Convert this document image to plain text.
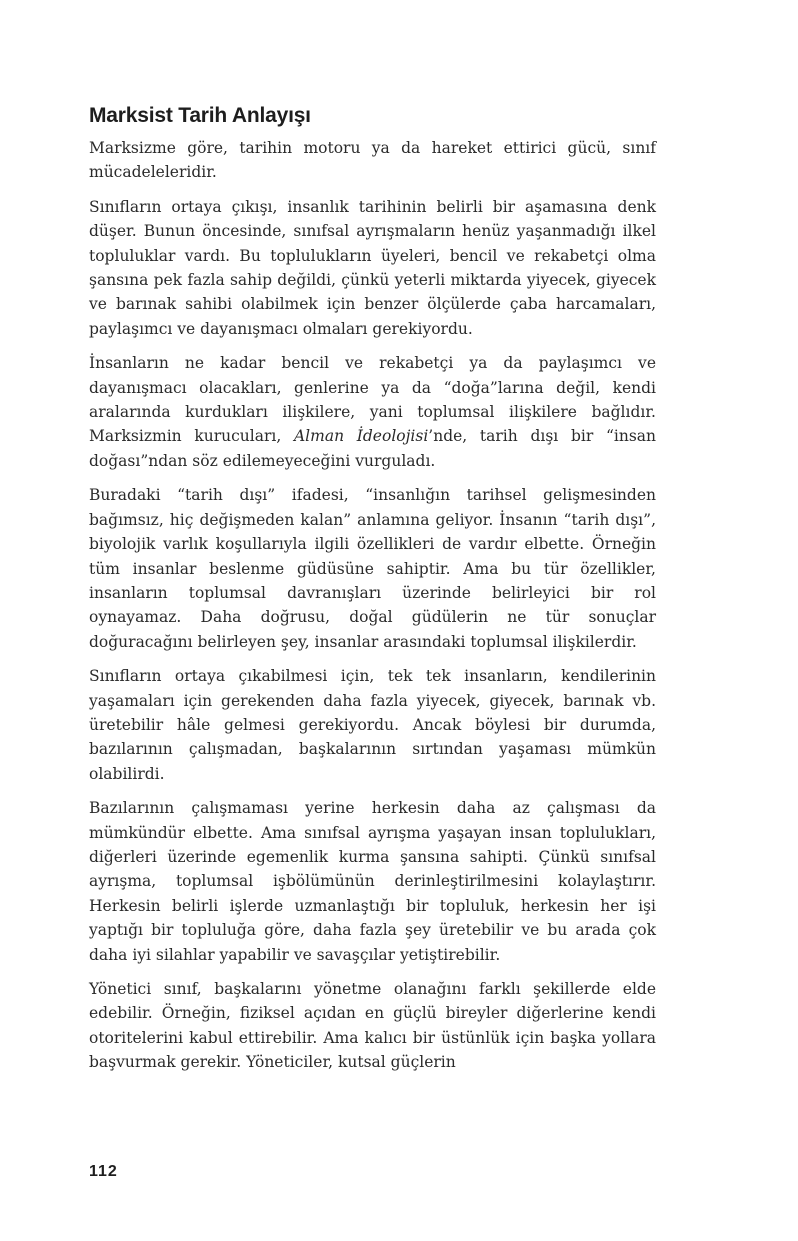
Marksist Tarih Anlayışı

Marksizme göre, tarihin motoru ya da hareket ettirici gücü, sınıf mücadeleleridir.

Sınıfların ortaya çıkışı, insanlık tarihinin belirli bir aşamasına denk düşer. Bunun öncesinde, sınıfsal ayrışmaların henüz yaşanmadığı ilkel topluluklar vardı. Bu toplulukların üyeleri, bencil ve rekabetçi olma şansına pek fazla sahip değildi, çünkü yeterli miktarda yiyecek, giyecek ve barınak sahibi olabilmek için benzer ölçülerde çaba harcamaları, paylaşımcı ve dayanışmacı olmaları gerekiyordu.

İnsanların ne kadar bencil ve rekabetçi ya da paylaşımcı ve dayanışmacı olacakları, genlerine ya da “doğa”larına değil, kendi aralarında kurdukları ilişkilere, yani toplumsal ilişkilere bağlıdır. Marksizmin kurucuları, Alman İdeolojisi’nde, tarih dışı bir “insan doğası”ndan söz edilemeyeceğini vurguladı.

Buradaki “tarih dışı” ifadesi, “insanlığın tarihsel gelişmesinden bağımsız, hiç değişmeden kalan” anlamına geliyor. İnsanın “tarih dışı”, biyolojik varlık koşullarıyla ilgili özellikleri de vardır elbette. Örneğin tüm insanlar beslenme güdüsüne sahiptir. Ama bu tür özellikler, insanların toplumsal davranışları üzerinde belirleyici bir rol oynayamaz. Daha doğrusu, doğal güdülerin ne tür sonuçlar doğuracağını belirleyen şey, insanlar arasındaki toplumsal ilişkilerdir.

Sınıfların ortaya çıkabilmesi için, tek tek insanların, kendilerinin yaşamaları için gerekenden daha fazla yiyecek, giyecek, barınak vb. üretebilir hâle gelmesi gerekiyordu. Ancak böylesi bir durumda, bazılarının çalışmadan, başkalarının sırtından yaşaması mümkün olabilirdi.

Bazılarının çalışmaması yerine herkesin daha az çalışması da mümkündür elbette. Ama sınıfsal ayrışma yaşayan insan toplulukları, diğerleri üzerinde egemenlik kurma şansına sahipti. Çünkü sınıfsal ayrışma, toplumsal işbölümünün derinleştirilmesini kolaylaştırır. Herkesin belirli işlerde uzmanlaştığı bir topluluk, herkesin her işi yaptığı bir topluluğa göre, daha fazla şey üretebilir ve bu arada çok daha iyi silahlar yapabilir ve savaşçılar yetiştirebilir.

Yönetici sınıf, başkalarını yönetme olanağını farklı şekillerde elde edebilir. Örneğin, fiziksel açıdan en güçlü bireyler diğerlerine kendi otoritelerini kabul ettirebilir. Ama kalıcı bir üstünlük için başka yollara başvurmak gerekir. Yöneticiler, kutsal güçlerin

112
